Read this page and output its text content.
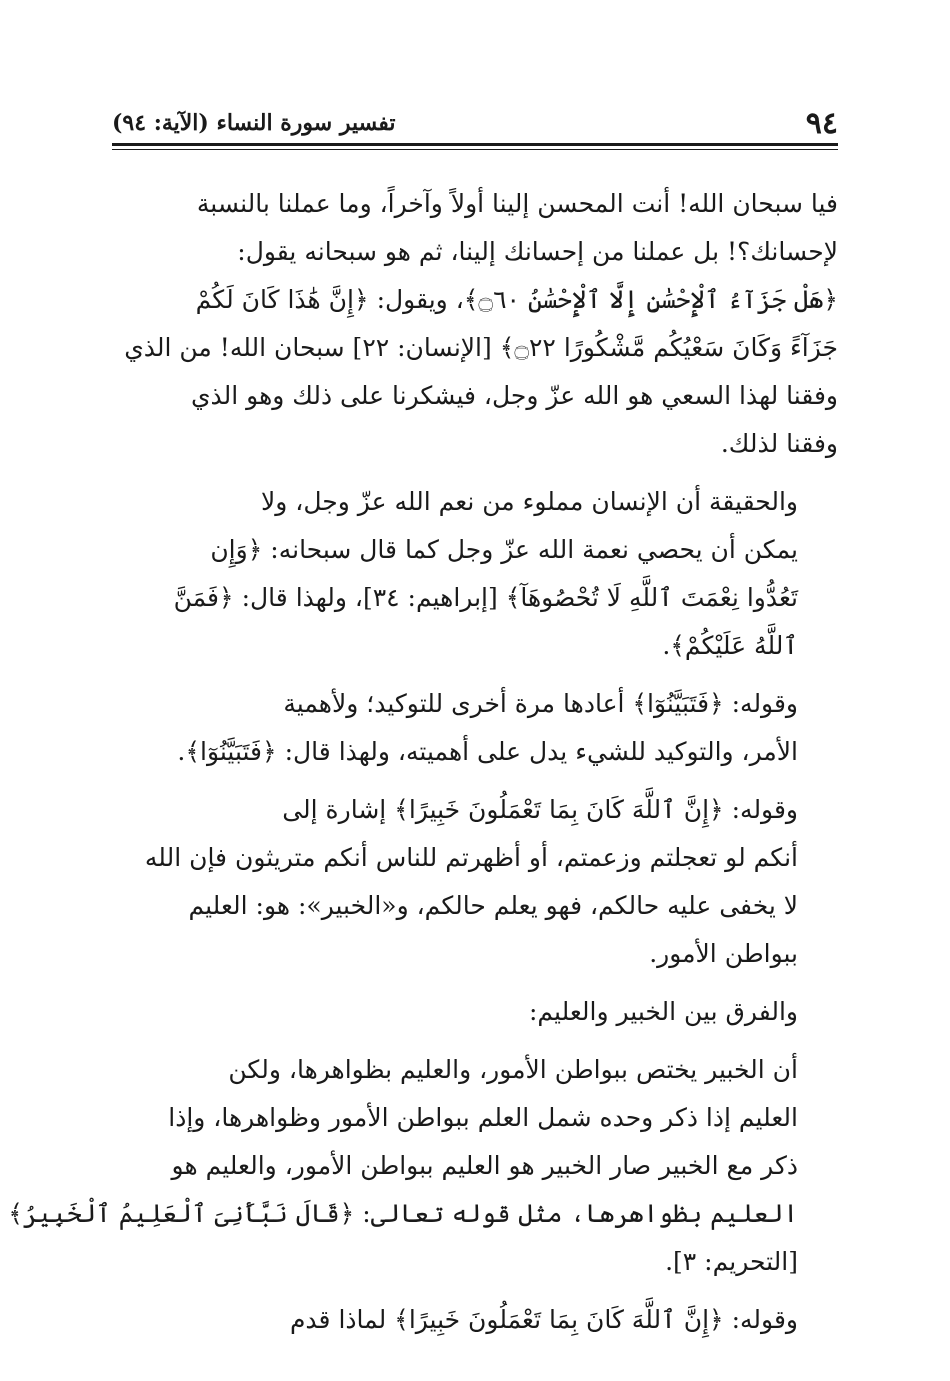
٩٤
تفسير سورة النساء (الآية: ٩٤)

فيا سبحان الله! أنت المحسن إلينا أولاً وآخراً، وما عملنا بالنسبة
لإحسانك؟! بل عملنا من إحسانك إلينا، ثم هو سبحانه يقول:
﴿هَلْ جَزَآءُ ٱلْإِحْسَٰنِ إِلَّا ٱلْإِحْسَٰنُ ۝٦٠﴾، ويقول: ﴿إِنَّ هَٰذَا كَانَ لَكُمْ
جَزَآءً وَكَانَ سَعْيُكُم مَّشْكُورًا ۝٢٢﴾ [الإنسان: ٢٢] سبحان الله! من الذي
وفقنا لهذا السعي هو الله عزّ وجل، فيشكرنا على ذلك وهو الذي
وفقنا لذلك.

والحقيقة أن الإنسان مملوء من نعم الله عزّ وجل، ولا
يمكن أن يحصي نعمة الله عزّ وجل كما قال سبحانه: ﴿وَإِن
تَعُدُّوا نِعْمَتَ ٱللَّهِ لَا تُحْصُوهَآ﴾ [إبراهيم: ٣٤]، ولهذا قال: ﴿فَمَنَّ
ٱللَّهُ عَلَيْكُمْ﴾.

وقوله: ﴿فَتَبَيَّنُوٓا﴾ أعادها مرة أخرى للتوكيد؛ ولأهمية
الأمر، والتوكيد للشيء يدل على أهميته، ولهذا قال: ﴿فَتَبَيَّنُوٓا﴾.

وقوله: ﴿إِنَّ ٱللَّهَ كَانَ بِمَا تَعْمَلُونَ خَبِيرًا﴾ إشارة إلى
أنكم لو تعجلتم وزعمتم، أو أظهرتم للناس أنكم متريثون فإن الله
لا يخفى عليه حالكم، فهو يعلم حالكم، و«الخبير»: هو: العليم
ببواطن الأمور.

والفرق بين الخبير والعليم:

أن الخبير يختص ببواطن الأمور، والعليم بظواهرها، ولكن
العليم إذا ذكر وحده شمل العلم ببواطن الأمور وظواهرها، وإذا
ذكر مع الخبير صار الخبير هو العليم ببواطن الأمور، والعليم هو
العليم بظواهرها، مثل قوله تعالى: ﴿قَالَ نَبَّأَنِىَ ٱلْعَلِيمُ ٱلْخَبِيرُ﴾
[التحريم: ٣].

وقوله: ﴿إِنَّ ٱللَّهَ كَانَ بِمَا تَعْمَلُونَ خَبِيرًا﴾ لماذا قدم
